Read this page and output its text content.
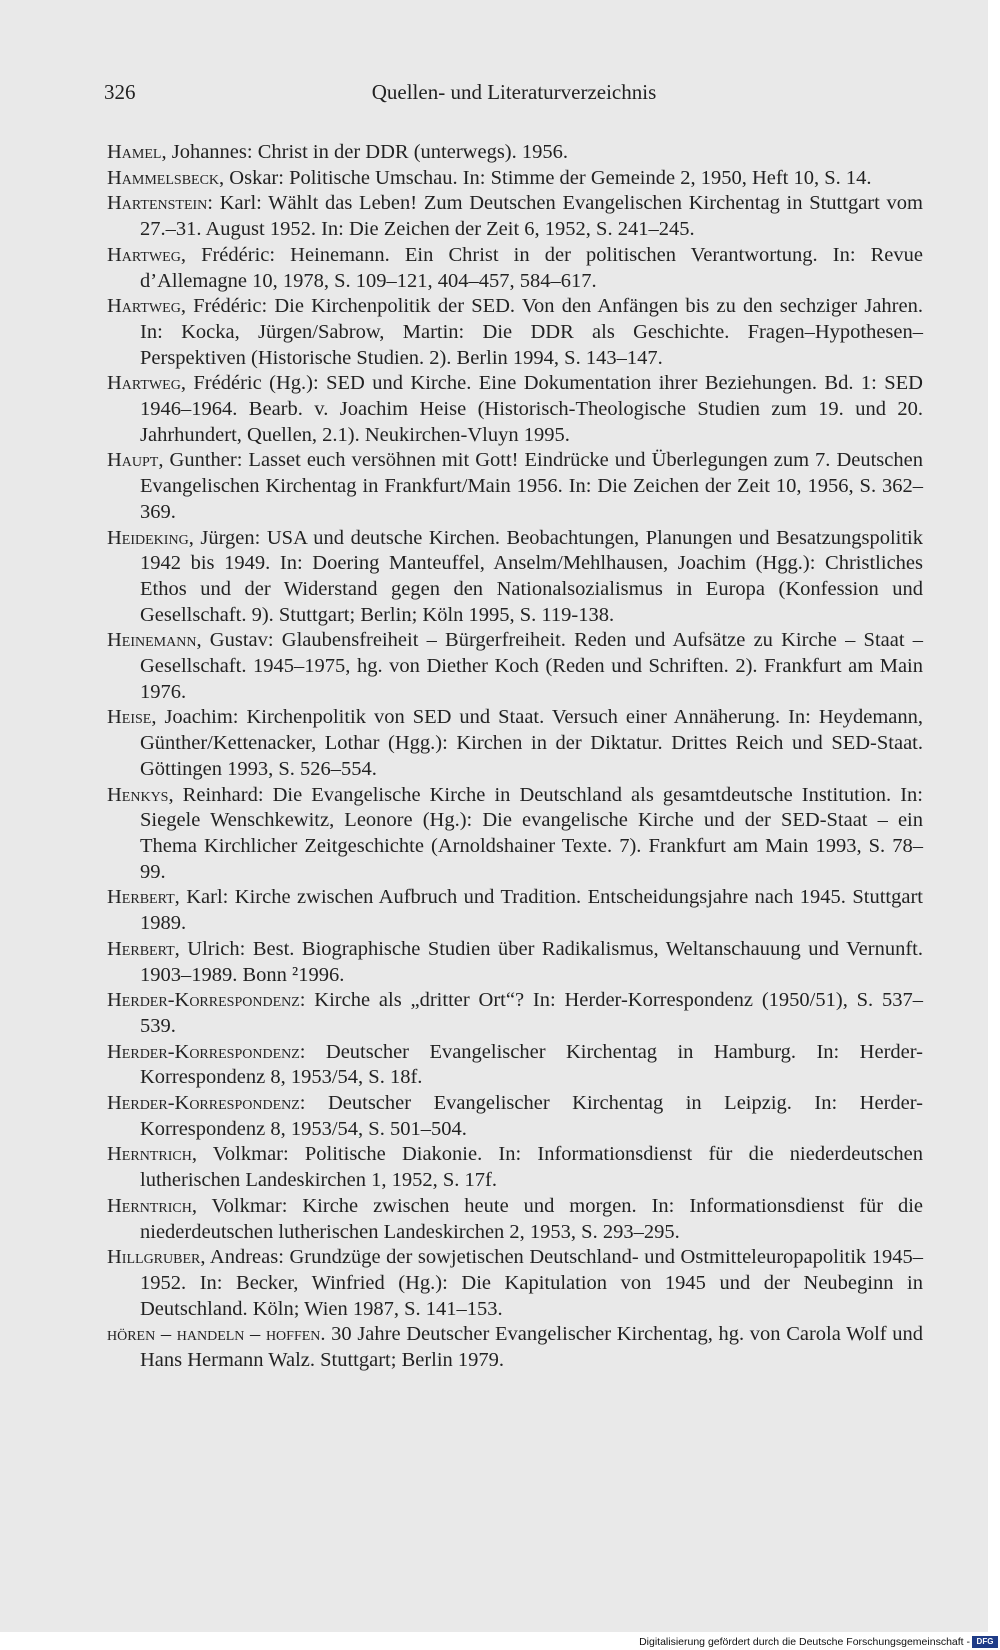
326	Quellen- und Literaturverzeichnis
Hamel, Johannes: Christ in der DDR (unterwegs). 1956.
Hammelsbeck, Oskar: Politische Umschau. In: Stimme der Gemeinde 2, 1950, Heft 10, S. 14.
Hartenstein: Karl: Wählt das Leben! Zum Deutschen Evangelischen Kirchentag in Stuttgart vom 27.–31. August 1952. In: Die Zeichen der Zeit 6, 1952, S. 241–245.
Hartweg, Frédéric: Heinemann. Ein Christ in der politischen Verantwortung. In: Revue d’Allemagne 10, 1978, S. 109–121, 404–457, 584–617.
Hartweg, Frédéric: Die Kirchenpolitik der SED. Von den Anfängen bis zu den sechziger Jahren. In: Kocka, Jürgen/Sabrow, Martin: Die DDR als Geschichte. Fragen–Hypothesen–Perspektiven (Historische Studien. 2). Berlin 1994, S. 143–147.
Hartweg, Frédéric (Hg.): SED und Kirche. Eine Dokumentation ihrer Beziehungen. Bd. 1: SED 1946–1964. Bearb. v. Joachim Heise (Historisch-Theologische Studien zum 19. und 20. Jahrhundert, Quellen, 2.1). Neukirchen-Vluyn 1995.
Haupt, Gunther: Lasset euch versöhnen mit Gott! Eindrücke und Überlegungen zum 7. Deutschen Evangelischen Kirchentag in Frankfurt/Main 1956. In: Die Zeichen der Zeit 10, 1956, S. 362–369.
Heideking, Jürgen: USA und deutsche Kirchen. Beobachtungen, Planungen und Besatzungspolitik 1942 bis 1949. In: Doering Manteuffel, Anselm/Mehlhausen, Joachim (Hgg.): Christliches Ethos und der Widerstand gegen den Nationalsozialismus in Europa (Konfession und Gesellschaft. 9). Stuttgart; Berlin; Köln 1995, S. 119-138.
Heinemann, Gustav: Glaubensfreiheit – Bürgerfreiheit. Reden und Aufsätze zu Kirche – Staat – Gesellschaft. 1945–1975, hg. von Diether Koch (Reden und Schriften. 2). Frankfurt am Main 1976.
Heise, Joachim: Kirchenpolitik von SED und Staat. Versuch einer Annäherung. In: Heydemann, Günther/Kettenacker, Lothar (Hgg.): Kirchen in der Diktatur. Drittes Reich und SED-Staat. Göttingen 1993, S. 526–554.
Henkys, Reinhard: Die Evangelische Kirche in Deutschland als gesamtdeutsche Institution. In: Siegele Wenschkewitz, Leonore (Hg.): Die evangelische Kirche und der SED-Staat – ein Thema Kirchlicher Zeitgeschichte (Arnoldshainer Texte. 7). Frankfurt am Main 1993, S. 78–99.
Herbert, Karl: Kirche zwischen Aufbruch und Tradition. Entscheidungsjahre nach 1945. Stuttgart 1989.
Herbert, Ulrich: Best. Biographische Studien über Radikalismus, Weltanschauung und Vernunft. 1903–1989. Bonn ²1996.
Herder-Korrespondenz: Kirche als „dritter Ort“? In: Herder-Korrespondenz (1950/51), S. 537–539.
Herder-Korrespondenz: Deutscher Evangelischer Kirchentag in Hamburg. In: Herder-Korrespondenz 8, 1953/54, S. 18f.
Herder-Korrespondenz: Deutscher Evangelischer Kirchentag in Leipzig. In: Herder-Korrespondenz 8, 1953/54, S. 501–504.
Herntrich, Volkmar: Politische Diakonie. In: Informationsdienst für die niederdeutschen lutherischen Landeskirchen 1, 1952, S. 17f.
Herntrich, Volkmar: Kirche zwischen heute und morgen. In: Informationsdienst für die niederdeutschen lutherischen Landeskirchen 2, 1953, S. 293–295.
Hillgruber, Andreas: Grundzüge der sowjetischen Deutschland- und Ostmitteleuropapolitik 1945–1952. In: Becker, Winfried (Hg.): Die Kapitulation von 1945 und der Neubeginn in Deutschland. Köln; Wien 1987, S. 141–153.
hören – handeln – hoffen. 30 Jahre Deutscher Evangelischer Kirchentag, hg. von Carola Wolf und Hans Hermann Walz. Stuttgart; Berlin 1979.
Digitalisierung gefördert durch die Deutsche Forschungsgemeinschaft - DFG
